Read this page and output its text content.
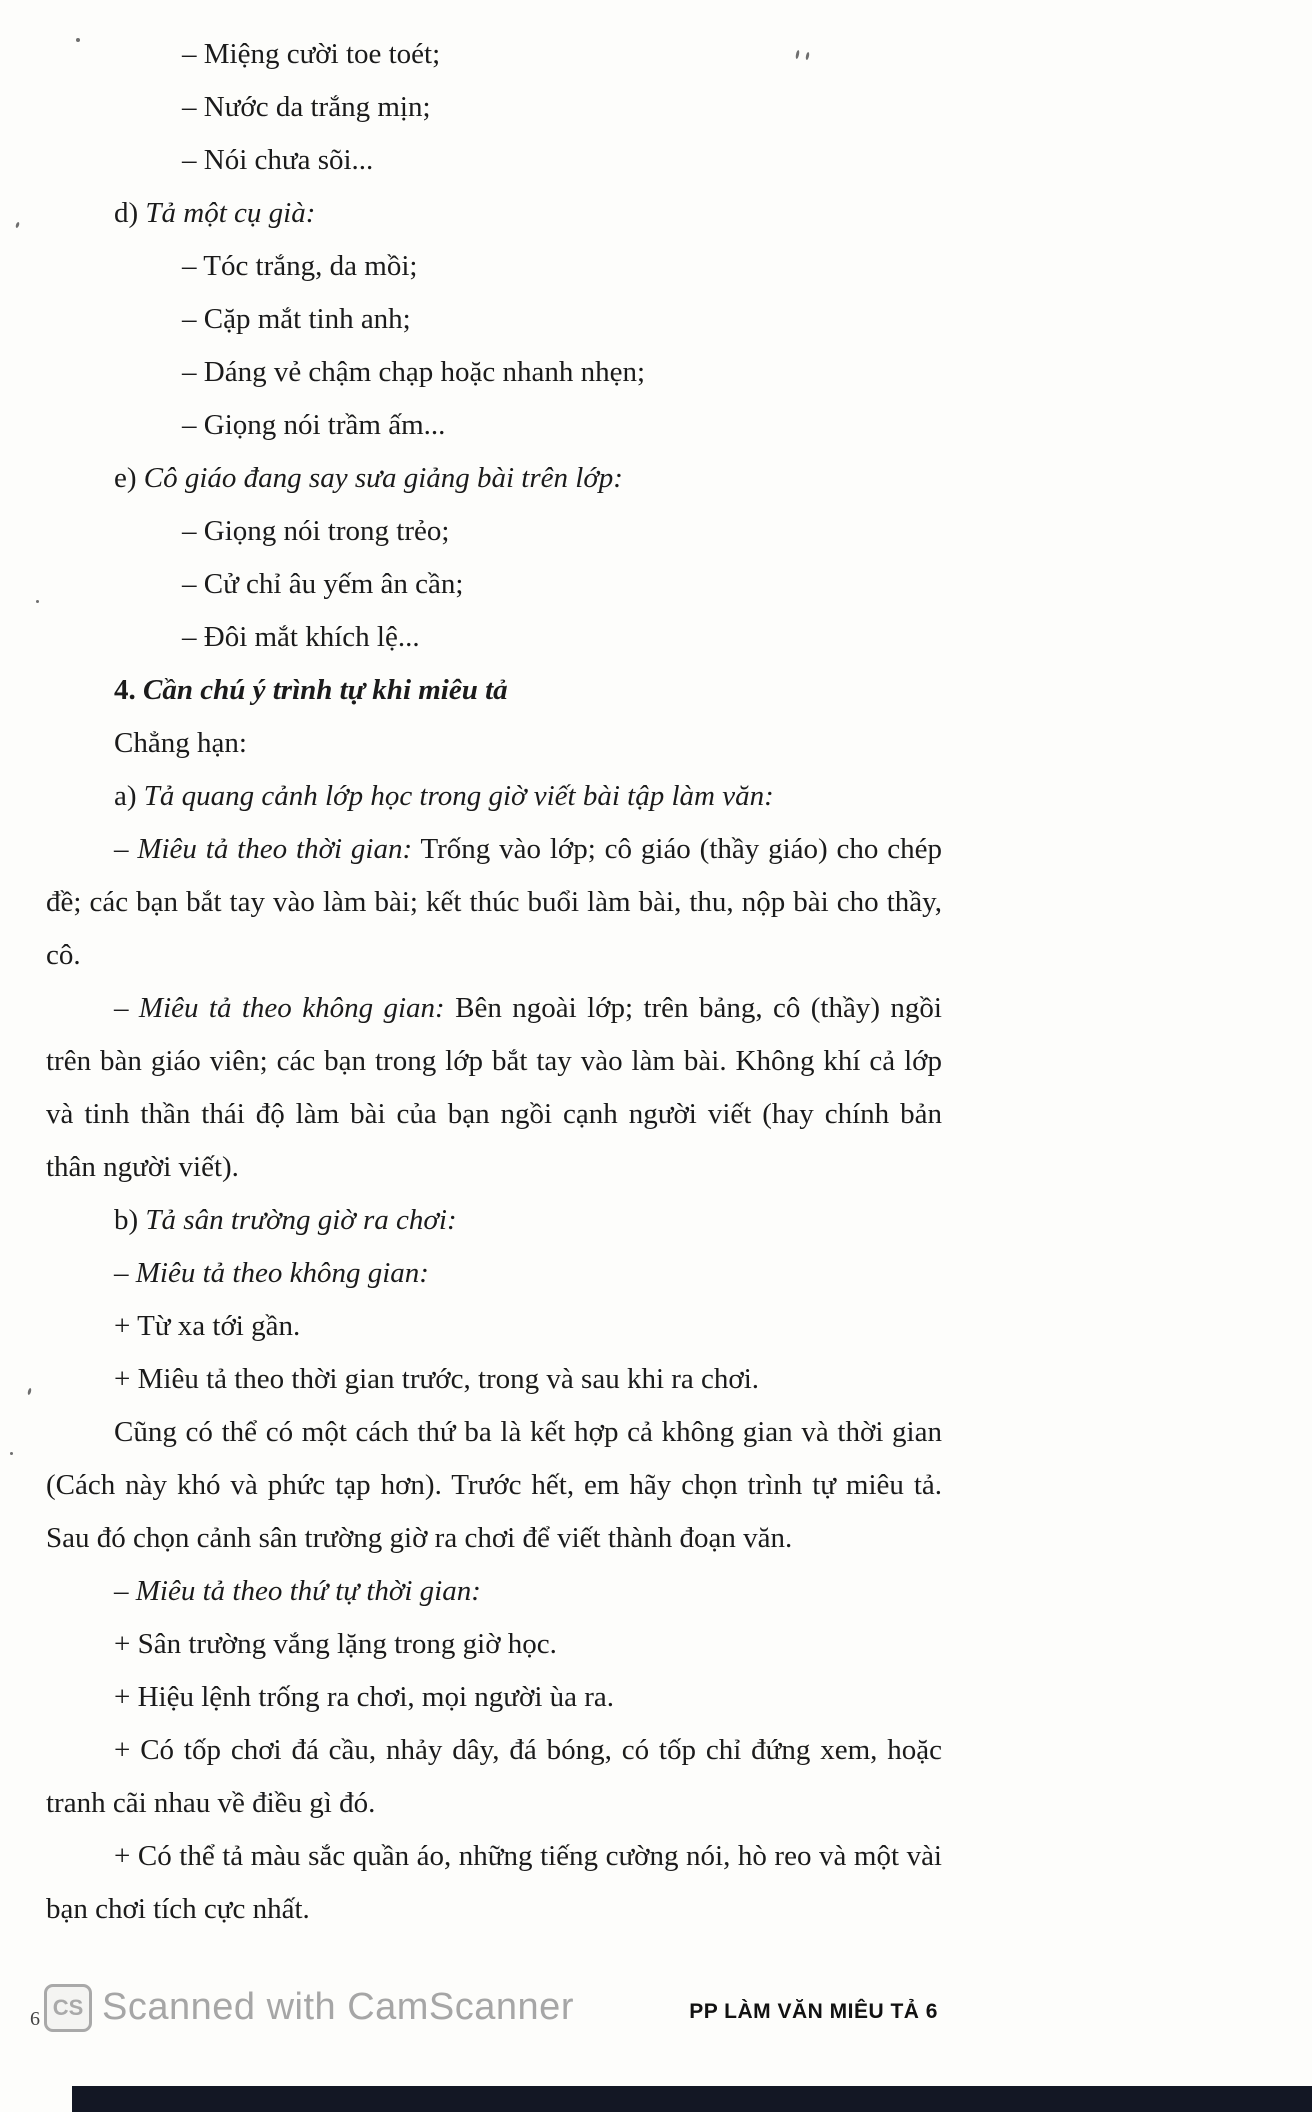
– Miệng cười toe toét;
– Nước da trắng mịn;
– Nói chưa sõi...
d) Tả một cụ già:
– Tóc trắng, da mồi;
– Cặp mắt tinh anh;
– Dáng vẻ chậm chạp hoặc nhanh nhẹn;
– Giọng nói trầm ấm...
e) Cô giáo đang say sưa giảng bài trên lớp:
– Giọng nói trong trẻo;
– Cử chỉ âu yếm ân cần;
– Đôi mắt khích lệ...
4. Cần chú ý trình tự khi miêu tả
Chẳng hạn:
a) Tả quang cảnh lớp học trong giờ viết bài tập làm văn:
– Miêu tả theo thời gian: Trống vào lớp; cô giáo (thầy giáo) cho chép đề; các bạn bắt tay vào làm bài; kết thúc buổi làm bài, thu, nộp bài cho thầy, cô.
– Miêu tả theo không gian: Bên ngoài lớp; trên bảng, cô (thầy) ngồi trên bàn giáo viên; các bạn trong lớp bắt tay vào làm bài. Không khí cả lớp và tinh thần thái độ làm bài của bạn ngồi cạnh người viết (hay chính bản thân người viết).
b) Tả sân trường giờ ra chơi:
– Miêu tả theo không gian:
+ Từ xa tới gần.
+ Miêu tả theo thời gian trước, trong và sau khi ra chơi.
Cũng có thể có một cách thứ ba là kết hợp cả không gian và thời gian (Cách này khó và phức tạp hơn). Trước hết, em hãy chọn trình tự miêu tả. Sau đó chọn cảnh sân trường giờ ra chơi để viết thành đoạn văn.
– Miêu tả theo thứ tự thời gian:
+ Sân trường vắng lặng trong giờ học.
+ Hiệu lệnh trống ra chơi, mọi người ùa ra.
+ Có tốp chơi đá cầu, nhảy dây, đá bóng, có tốp chỉ đứng xem, hoặc tranh cãi nhau về điều gì đó.
+ Có thể tả màu sắc quần áo, những tiếng cường nói, hò reo và một vài bạn chơi tích cực nhất.
6 CS Scanned with CamScanner	PP LÀM VĂN MIÊU TẢ 6
